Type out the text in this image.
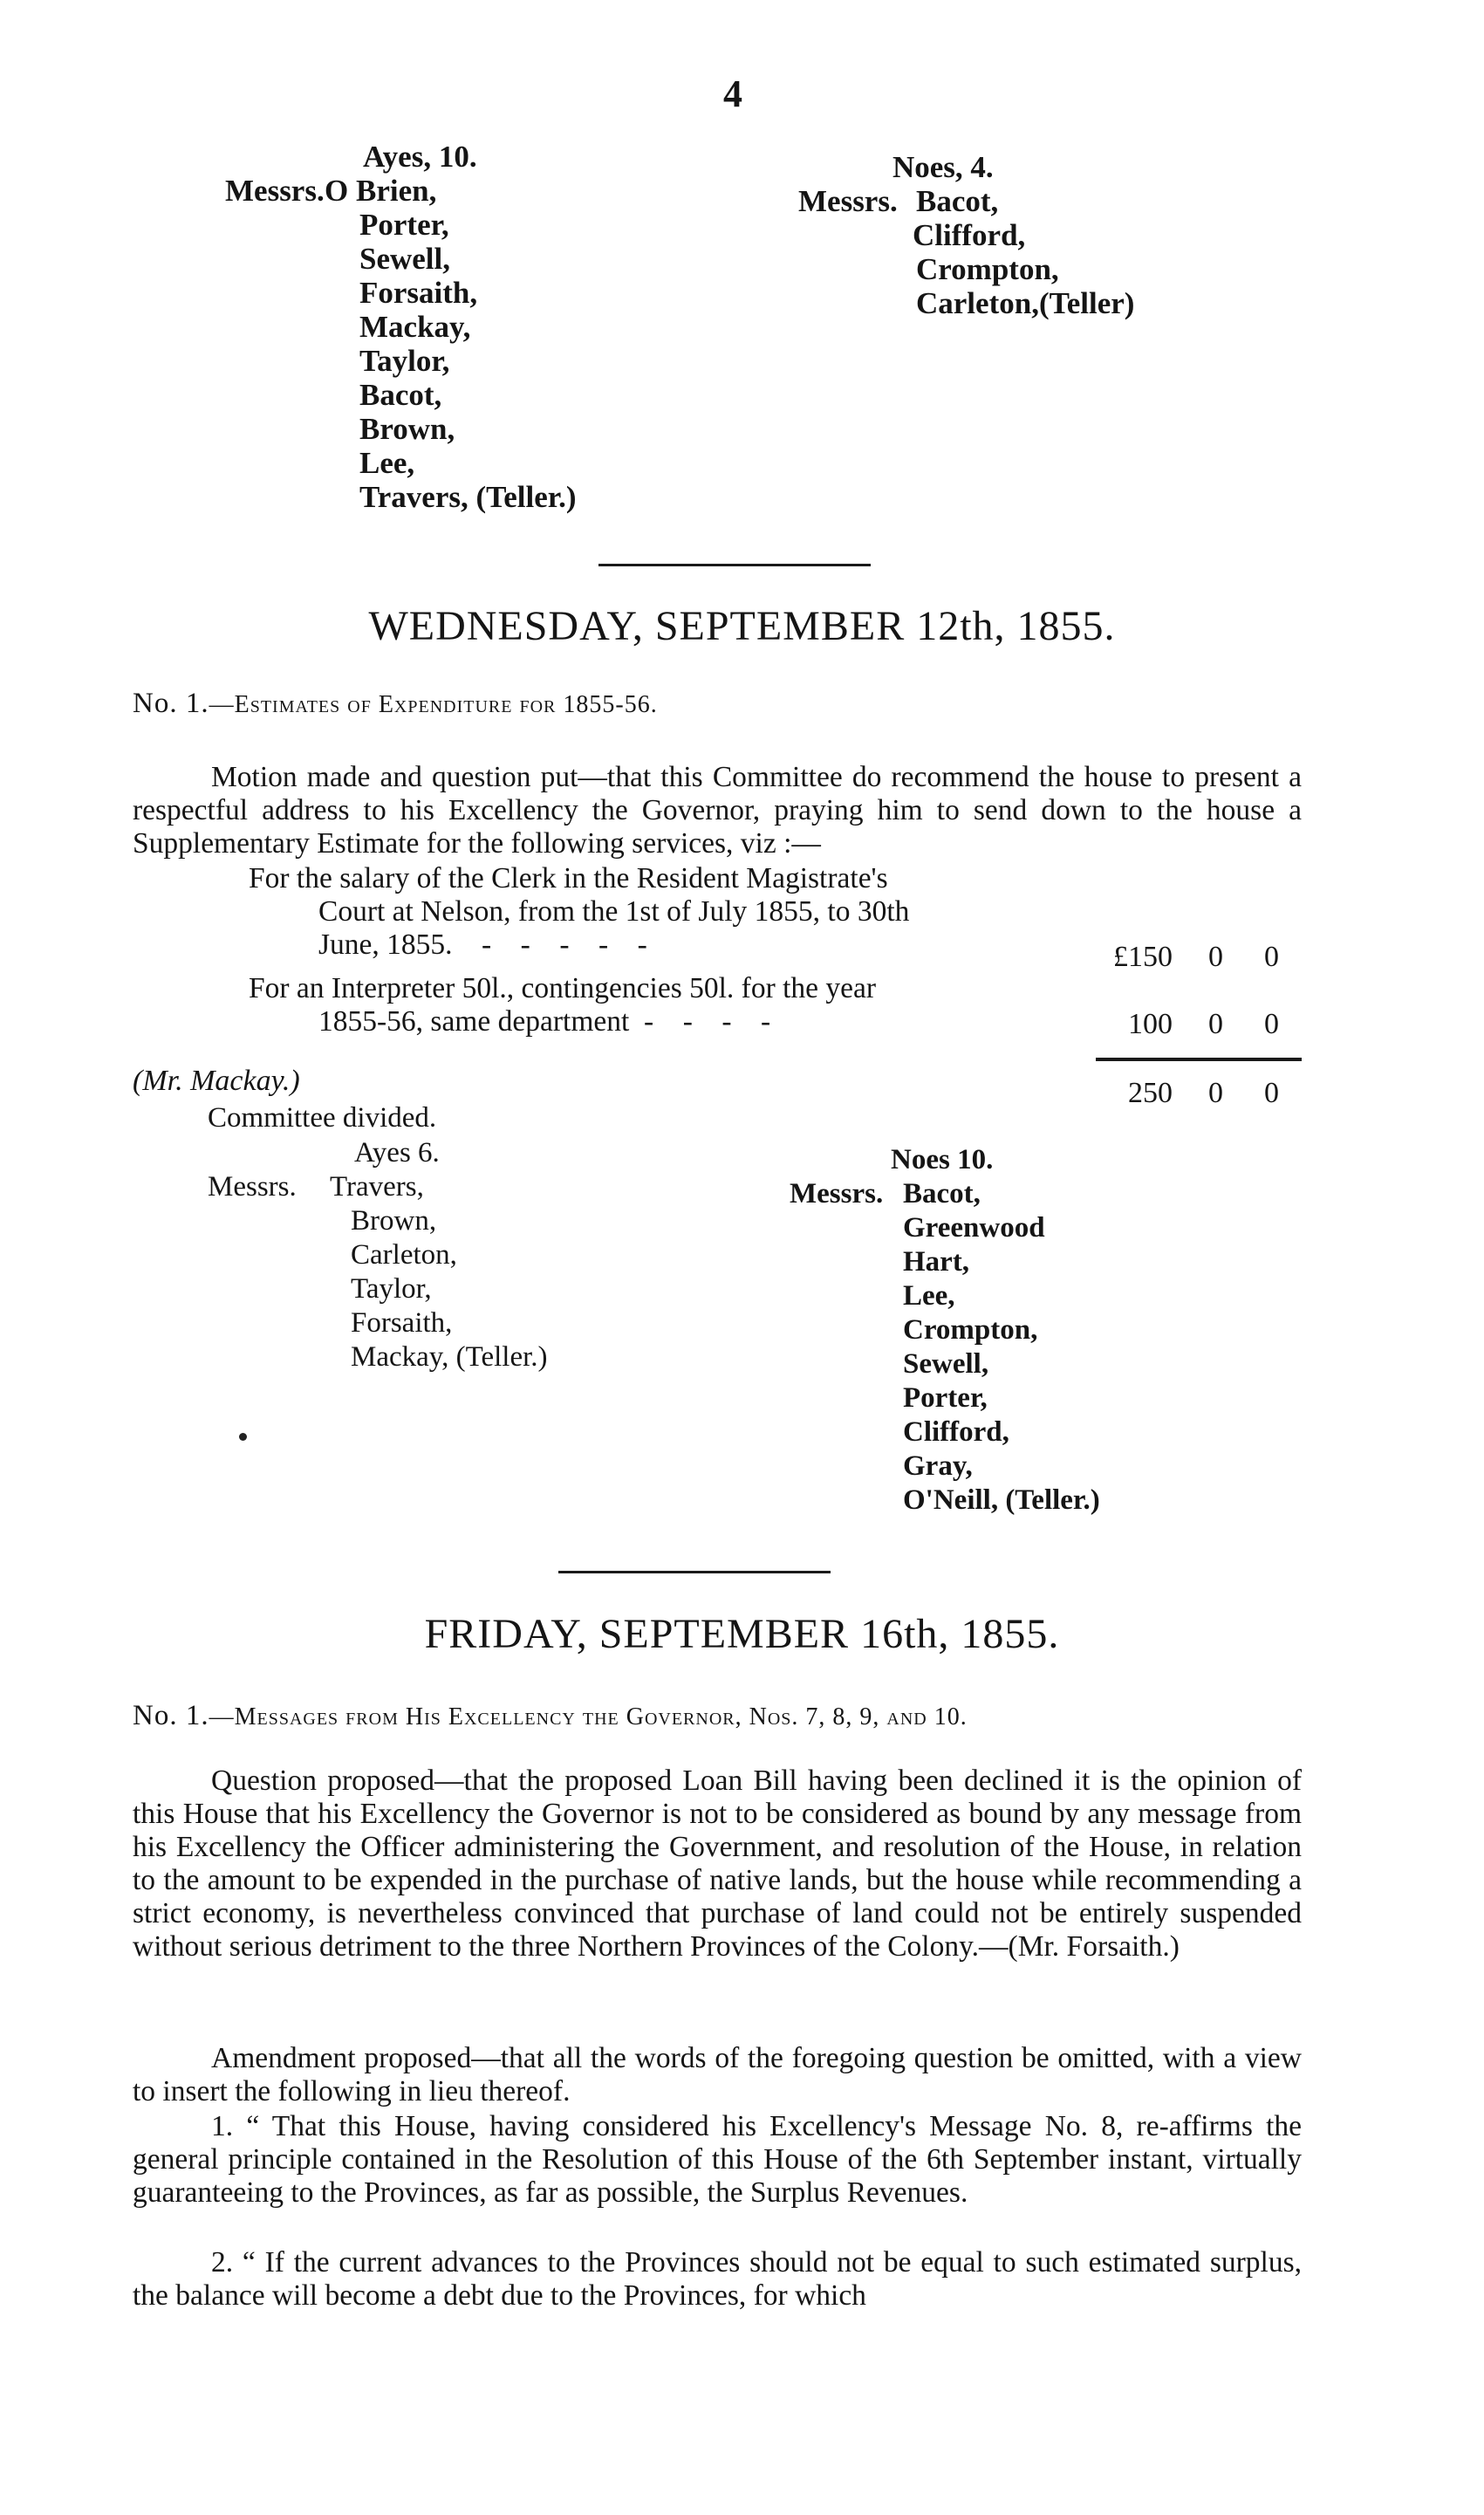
4
Ayes, 10.
Messrs. O Brien,
Porter,
Sewell,
Forsaith,
Mackay,
Taylor,
Bacot,
Brown,
Lee,
Travers, (Teller.)
Noes, 4.
Messrs. Bacot,
Clifford,
Crompton,
Carleton,(Teller)
WEDNESDAY, SEPTEMBER 12th, 1855.
No. 1.—Estimates of Expenditure for 1855-56.
Motion made and question put—that this Committee do recommend the house to present a respectful address to his Excellency the Governor, praying him to send down to the house a Supplementary Estimate for the following services, viz :—
For the salary of the Clerk in the Resident Magistrate's
Court at Nelson, from the 1st of July 1855, to 30th
June, 1855.    -    -    -    -    -	£150 0 0
For an Interpreter 50l., contingencies 50l. for the year
1855-56, same department  -    -    -    -	100 0 0
250 0 0
(Mr. Mackay.)
Committee divided.
Ayes 6.
Messrs.	Travers,
Brown,
Carleton,
Taylor,
Forsaith,
Mackay, (Teller.)
Noes 10.
Messrs. Bacot,
Greenwood
Hart,
Lee,
Crompton,
Sewell,
Porter,
Clifford,
Gray,
O'Neill, (Teller.)
FRIDAY, SEPTEMBER 16th, 1855.
No. 1.—Messages from His Excellency the Governor, Nos. 7, 8, 9, and 10.
Question proposed—that the proposed Loan Bill having been declined it is the opinion of this House that his Excellency the Governor is not to be considered as bound by any message from his Excellency the Officer administering the Government, and resolution of the House, in relation to the amount to be expended in the purchase of native lands, but the house while recommending a strict economy, is nevertheless convinced that purchase of land could not be entirely suspended without serious detriment to the three Northern Provinces of the Colony.—(Mr. Forsaith.)
Amendment proposed—that all the words of the foregoing question be omitted, with a view to insert the following in lieu thereof.
1. “ That this House, having considered his Excellency's Message No. 8, re-affirms the general principle contained in the Resolution of this House of the 6th September instant, virtually guaranteeing to the Provinces, as far as possible, the Surplus Revenues.
2. “ If the current advances to the Provinces should not be equal to such estimated surplus, the balance will become a debt due to the Provinces, for which
